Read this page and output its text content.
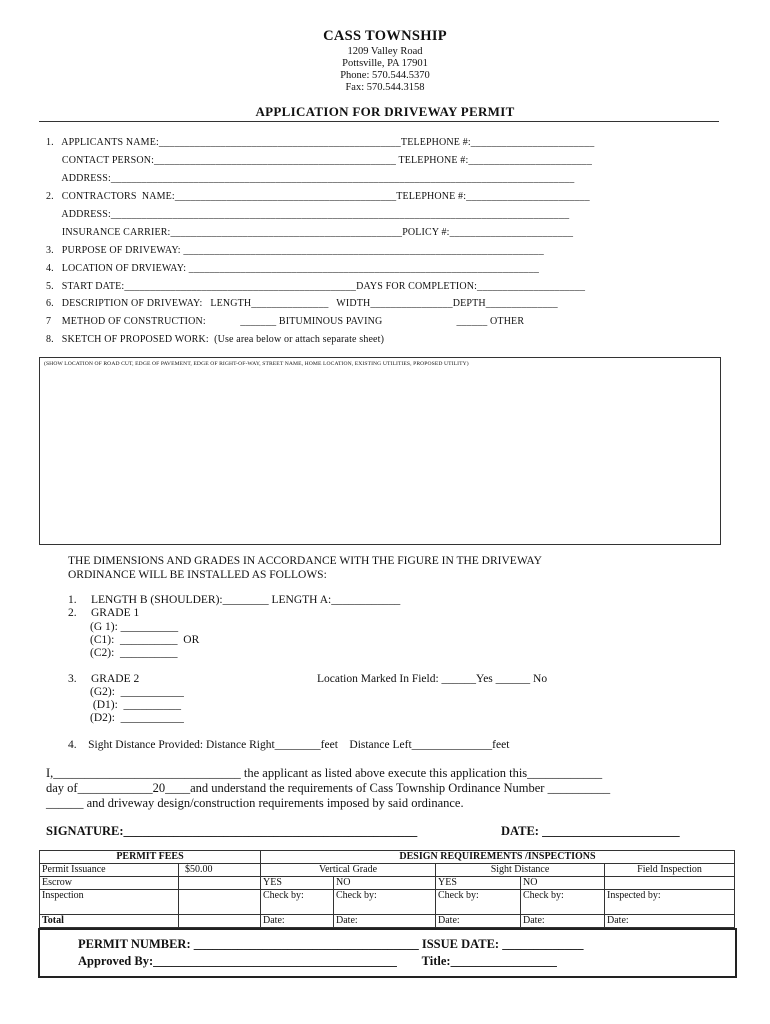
CASS TOWNSHIP
1209 Valley Road
Pottsville, PA 17901
Phone: 570.544.5370
Fax: 570.544.3158
APPLICATION FOR DRIVEWAY PERMIT
1.   APPLICANTS NAME:_______________________________________________TELEPHONE #:________________________
CONTACT PERSON:_______________________________________________ TELEPHONE #:________________________
ADDRESS:__________________________________________________________________________________________
2.   CONTRACTORS  NAME:___________________________________________TELEPHONE #:________________________
ADDRESS:_________________________________________________________________________________________
INSURANCE CARRIER:_____________________________________________POLICY #:________________________
3.   PURPOSE OF DRIVEWAY: ______________________________________________________________________
4.   LOCATION OF DRVIEWAY: ____________________________________________________________________
5.   START DATE:_____________________________________________DAYS FOR COMPLETION:_____________________
6.   DESCRIPTION OF DRIVEWAY:   LENGTH_______________   WIDTH________________DEPTH______________
7    METHOD OF CONSTRUCTION:             _______ BITUMINOUS PAVING                            ______ OTHER
8.   SKETCH OF PROPOSED WORK:  (Use area below or attach separate sheet)
(SHOW LOCATION OF ROAD CUT, EDGE OF PAVEMENT, EDGE OF RIGHT-OF-WAY, STREET NAME, HOME LOCATION, EXISTING UTILITIES, PROPOSED UTILITY)
THE DIMENSIONS AND GRADES IN ACCORDANCE WITH THE FIGURE IN THE DRIVEWAY
ORDINANCE WILL BE INSTALLED AS FOLLOWS:
1.     LENGTH B (SHOULDER):________ LENGTH A:____________
2.     GRADE 1
(G 1): __________
(C1):  __________  OR
(C2):  __________
3.     GRADE 2	Location Marked In Field: ______Yes ______ No
(G2):  ___________
(D1):  __________
(D2):  ___________
4.    Sight Distance Provided: Distance Right________feet    Distance Left______________feet
I,______________________________ the applicant as listed above execute this application this____________
day of____________20____and understand the requirements of Cass Township Ordinance Number __________
______ and driveway design/construction requirements imposed by said ordinance.
SIGNATURE:_______________________________________________	DATE: ______________________
PERMIT FEES		DESIGN REQUIREMENTS /INSPECTIONS				
Permit Issuance	$50.00	Vertical Grade		Sight Distance		Field Inspection
Escrow		YES	NO	YES	NO	
Inspection		Check by:	Check by:	Check by:	Check by:	Inspected by:
Total		Date:	Date:	Date:	Date:	Date:
PERMIT NUMBER: ____________________________________ ISSUE DATE: _____________
Approved By:_______________________________________        Title:_________________
